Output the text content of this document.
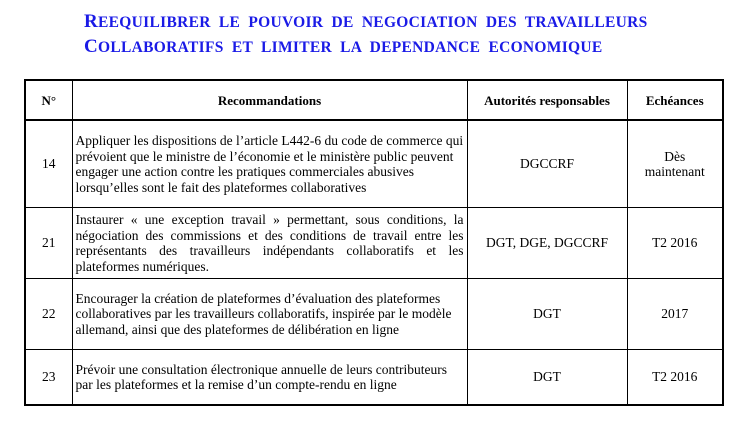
REEQUILIBRER LE POUVOIR DE NEGOCIATION DES TRAVAILLEURS
COLLABORATIFS ET LIMITER LA DEPENDANCE ECONOMIQUE
N°	Recommandations	Autorités responsables	Echéances
14	Appliquer les dispositions de l’article L442-6 du code de commerce qui prévoient que le ministre de l’économie et le ministère public peuvent engager une action contre les pratiques commerciales abusives lorsqu’elles sont le fait des plateformes collaboratives	DGCCRF	Dès maintenant
21	Instaurer « une exception travail » permettant, sous conditions, la négociation des commissions et des conditions de travail entre les représentants des travailleurs indépendants collaboratifs et les plateformes numériques.	DGT, DGE, DGCCRF	T2 2016
22	Encourager la création de plateformes d’évaluation des plateformes collaboratives par les travailleurs collaboratifs, inspirée par le modèle allemand, ainsi que des plateformes de délibération en ligne	DGT	2017
23	Prévoir une consultation électronique annuelle de leurs contributeurs par les plateformes et la remise d’un compte-rendu en ligne	DGT	T2 2016
